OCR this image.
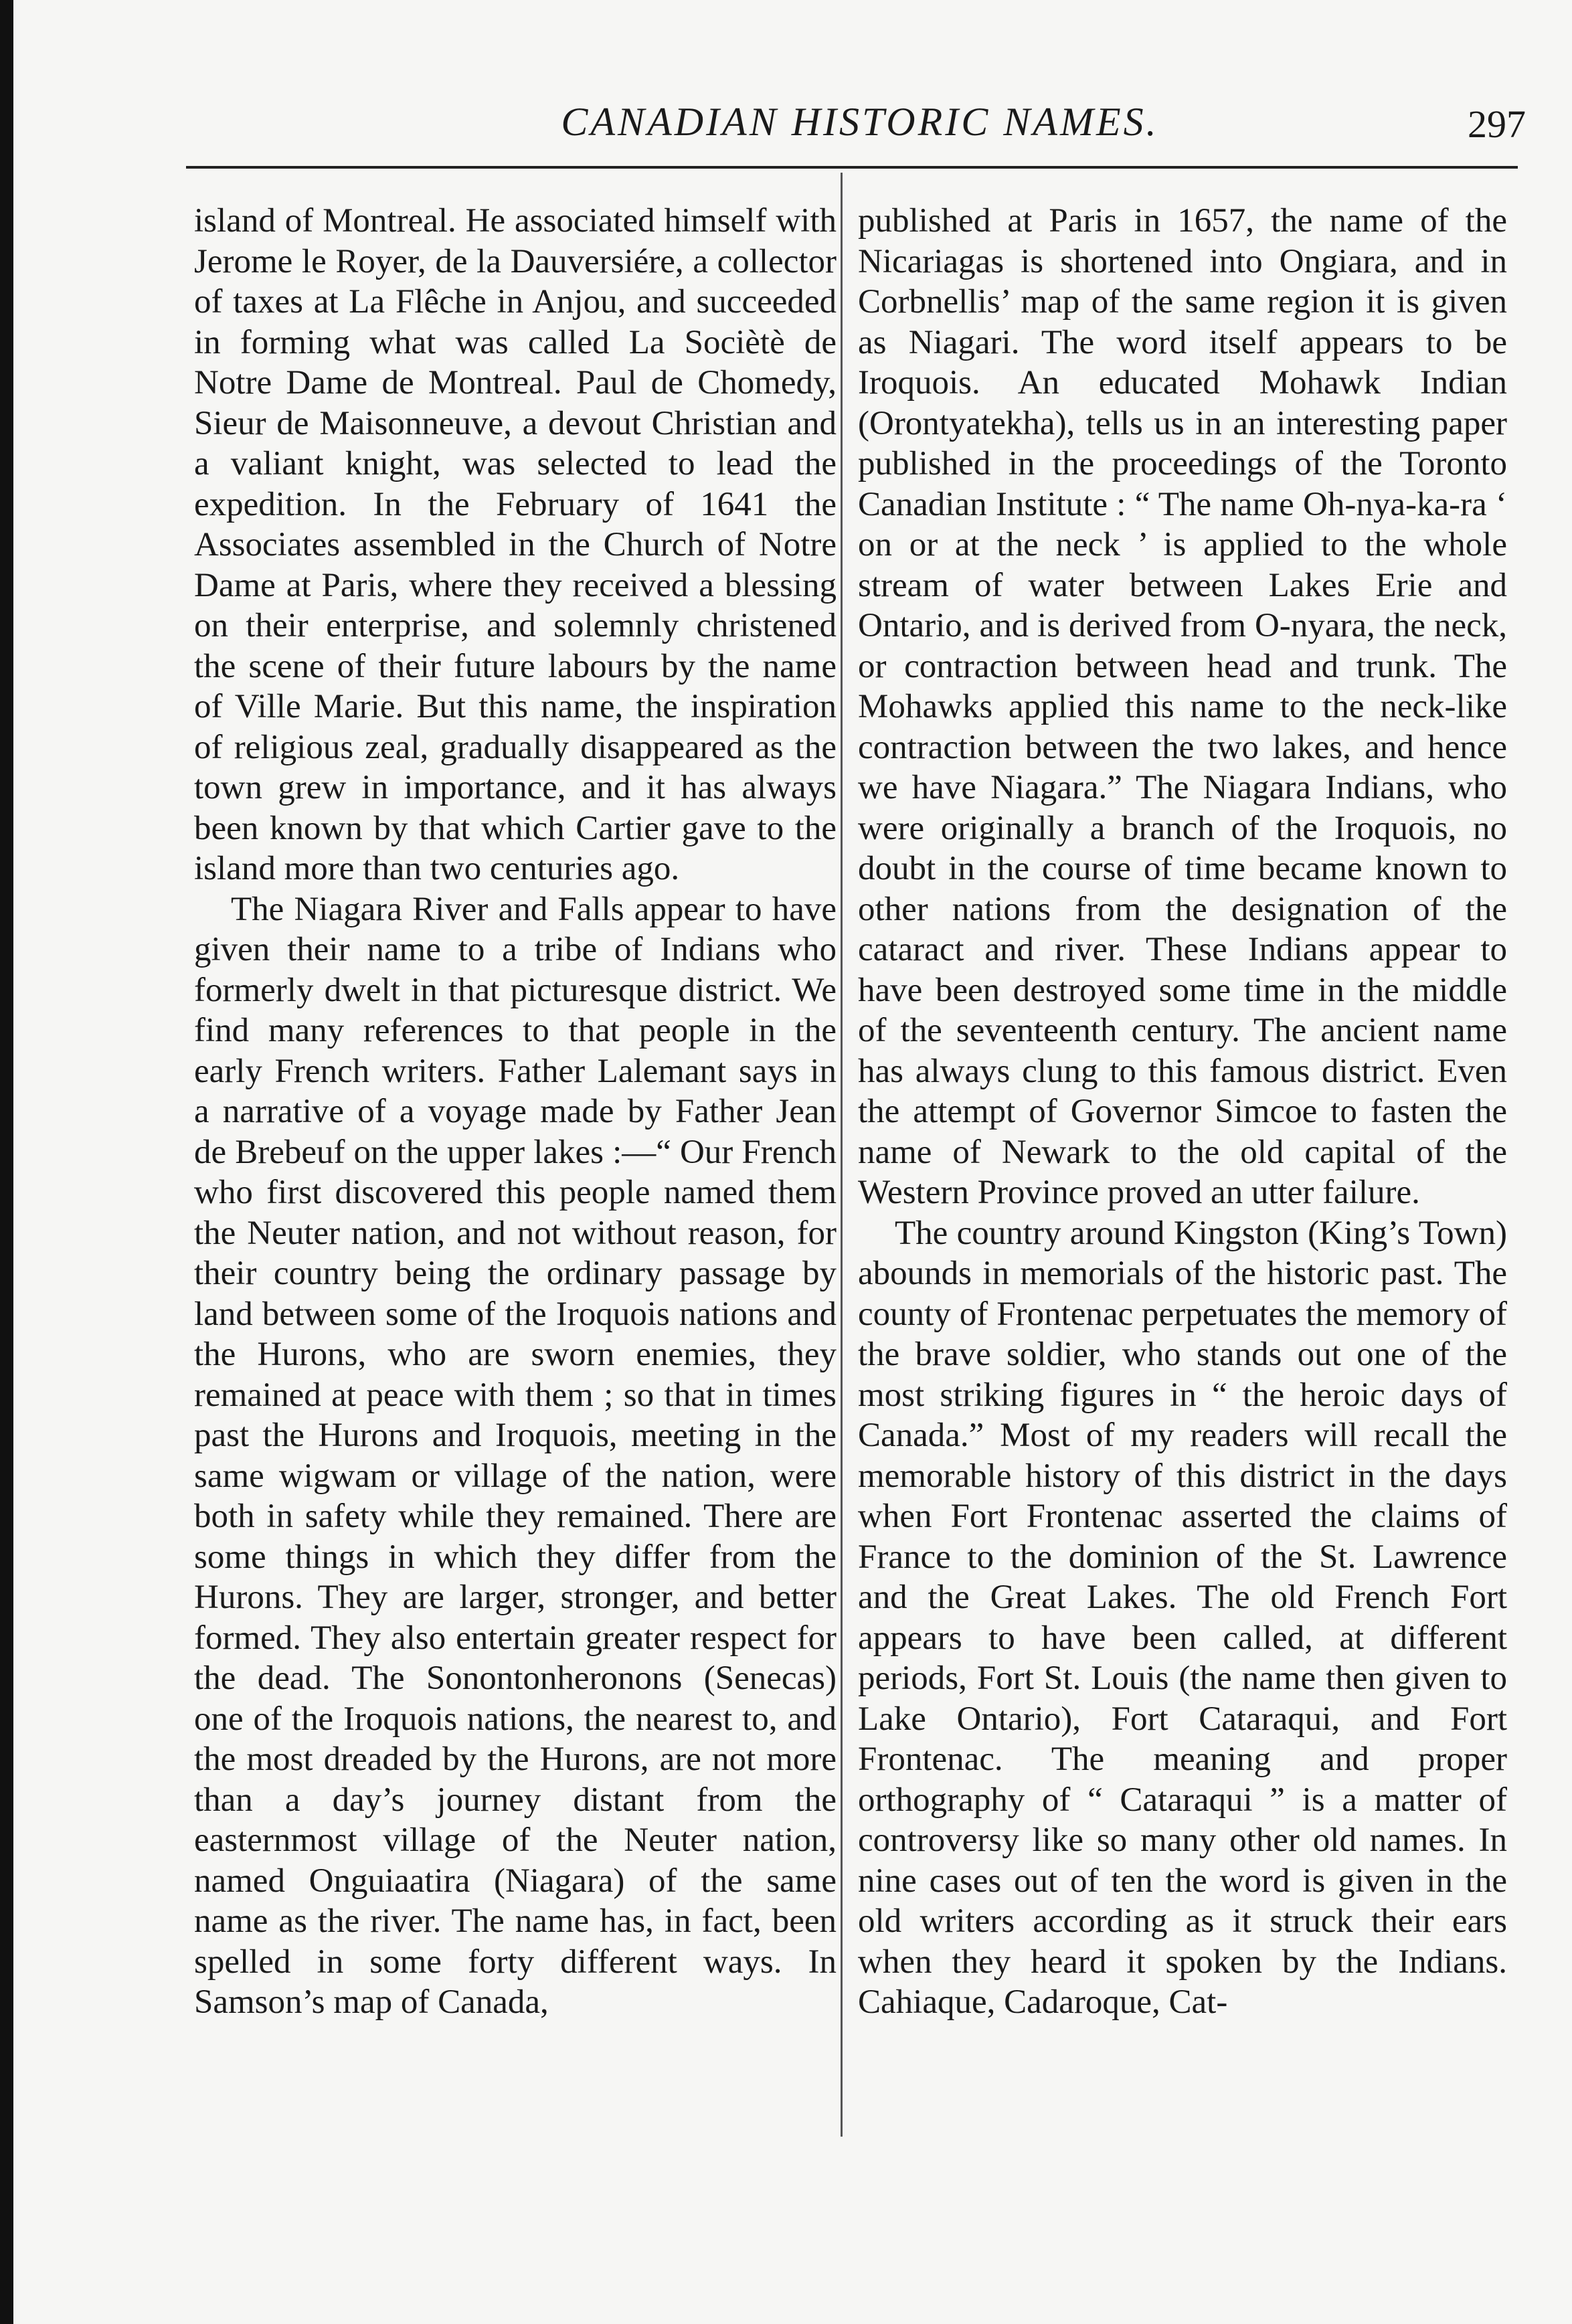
CANADIAN HISTORIC NAMES.	297

island of Montreal. He associated himself with Jerome le Royer, de la Dauversiére, a collector of taxes at La Flêche in Anjou, and succeeded in forming what was called La Sociètè de Notre Dame de Montreal. Paul de Chomedy, Sieur de Maisonneuve, a devout Christian and a valiant knight, was selected to lead the expedition. In the February of 1641 the Associates assembled in the Church of Notre Dame at Paris, where they received a blessing on their enterprise, and solemnly christened the scene of their future labours by the name of Ville Marie. But this name, the inspiration of religious zeal, gradually disappeared as the town grew in importance, and it has always been known by that which Cartier gave to the island more than two centuries ago.

The Niagara River and Falls appear to have given their name to a tribe of Indians who formerly dwelt in that picturesque district. We find many references to that people in the early French writers. Father Lalemant says in a narrative of a voyage made by Father Jean de Brebeuf on the upper lakes :—“ Our French who first discovered this people named them the Neuter nation, and not without reason, for their country being the ordinary passage by land between some of the Iroquois nations and the Hurons, who are sworn enemies, they remained at peace with them ; so that in times past the Hurons and Iroquois, meeting in the same wigwam or village of the nation, were both in safety while they remained. There are some things in which they differ from the Hurons. They are larger, stronger, and better formed. They also entertain greater respect for the dead. The Sonontonheronons (Senecas) one of the Iroquois nations, the nearest to, and the most dreaded by the Hurons, are not more than a day’s journey distant from the easternmost village of the Neuter nation, named Onguiaatira (Niagara) of the same name as the river. The name has, in fact, been spelled in some forty different ways. In Samson’s map of Canada,

published at Paris in 1657, the name of the Nicariagas is shortened into Ongiara, and in Corbnellis’ map of the same region it is given as Niagari. The word itself appears to be Iroquois. An educated Mohawk Indian (Orontyatekha), tells us in an interesting paper published in the proceedings of the Toronto Canadian Institute : “ The name Oh-nya-ka-ra ‘ on or at the neck ’ is applied to the whole stream of water between Lakes Erie and Ontario, and is derived from O-nyara, the neck, or contraction between head and trunk. The Mohawks applied this name to the neck-like contraction between the two lakes, and hence we have Niagara.” The Niagara Indians, who were originally a branch of the Iroquois, no doubt in the course of time became known to other nations from the designation of the cataract and river. These Indians appear to have been destroyed some time in the middle of the seventeenth century. The ancient name has always clung to this famous district. Even the attempt of Governor Simcoe to fasten the name of Newark to the old capital of the Western Province proved an utter failure.

The country around Kingston (King’s Town) abounds in memorials of the historic past. The county of Frontenac perpetuates the memory of the brave soldier, who stands out one of the most striking figures in “ the heroic days of Canada.” Most of my readers will recall the memorable history of this district in the days when Fort Frontenac asserted the claims of France to the dominion of the St. Lawrence and the Great Lakes. The old French Fort appears to have been called, at different periods, Fort St. Louis (the name then given to Lake Ontario), Fort Cataraqui, and Fort Frontenac. The meaning and proper orthography of “ Cataraqui ” is a matter of controversy like so many other old names. In nine cases out of ten the word is given in the old writers according as it struck their ears when they heard it spoken by the Indians. Cahiaque, Cadaroque, Cat-
